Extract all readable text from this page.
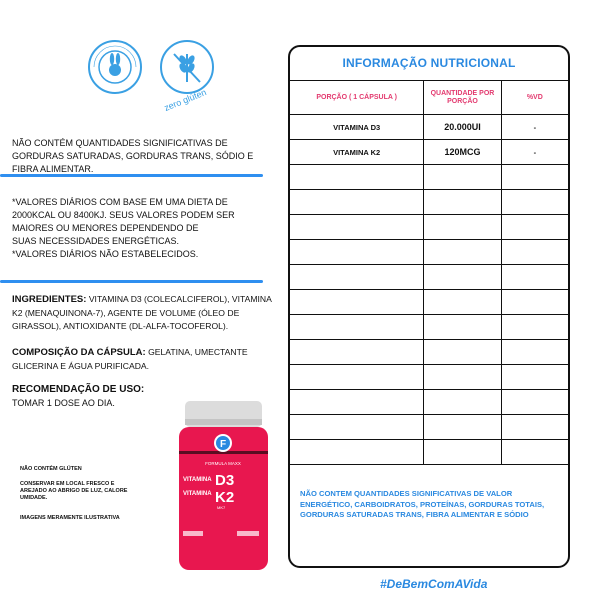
zero glúten
NÃO CONTÉM QUANTIDADES SIGNIFICATIVAS DE GORDURAS SATURADAS, GORDURAS TRANS, SÓDIO E FIBRA ALIMENTAR.
*VALORES DIÁRIOS COM BASE EM UMA DIETA DE 2000KCAL OU 8400KJ. SEUS VALORES PODEM SER MAIORES OU MENORES DEPENDENDO DE
SUAS NECESSIDADES ENERGÉTICAS.
*VALORES DIÁRIOS NÃO ESTABELECIDOS.
INGREDIENTES: VITAMINA D3 (COLECALCIFEROL), VITAMINA K2 (MENAQUINONA-7), AGENTE DE VOLUME (ÓLEO DE GIRASSOL), ANTIOXIDANTE (DL-ALFA-TOCOFEROL).
COMPOSIÇÃO DA CÁPSULA: GELATINA, UMECTANTE GLICERINA E ÁGUA PURIFICADA.
RECOMENDAÇÃO DE USO:
TOMAR 1 DOSE AO DIA.
NÃO CONTÉM GLÚTEN
CONSERVAR EM LOCAL FRESCO E AREJADO AO ABRIGO DE LUZ, CALORE UMIDADE.
IMAGENS MERAMENTE ILUSTRATIVA
F
FORMULA MAXX
VITAMINA D3
VITAMINA K2
MK7
INFORMAÇÃO NUTRICIONAL
PORÇÃO ( 1 CÁPSULA )	QUANTIDADE POR PORÇÃO	%VD
VITAMINA D3	20.000UI	-
VITAMINA K2	120MCG	-

NÃO CONTEM QUANTIDADES SIGNIFICATIVAS DE VALOR ENERGÉTICO, CARBOIDRATOS, PROTEÍNAS, GORDURAS TOTAIS, GORDURAS SATURADAS TRANS, FIBRA ALIMENTAR E SÓDIO
#DeBemComAVida
